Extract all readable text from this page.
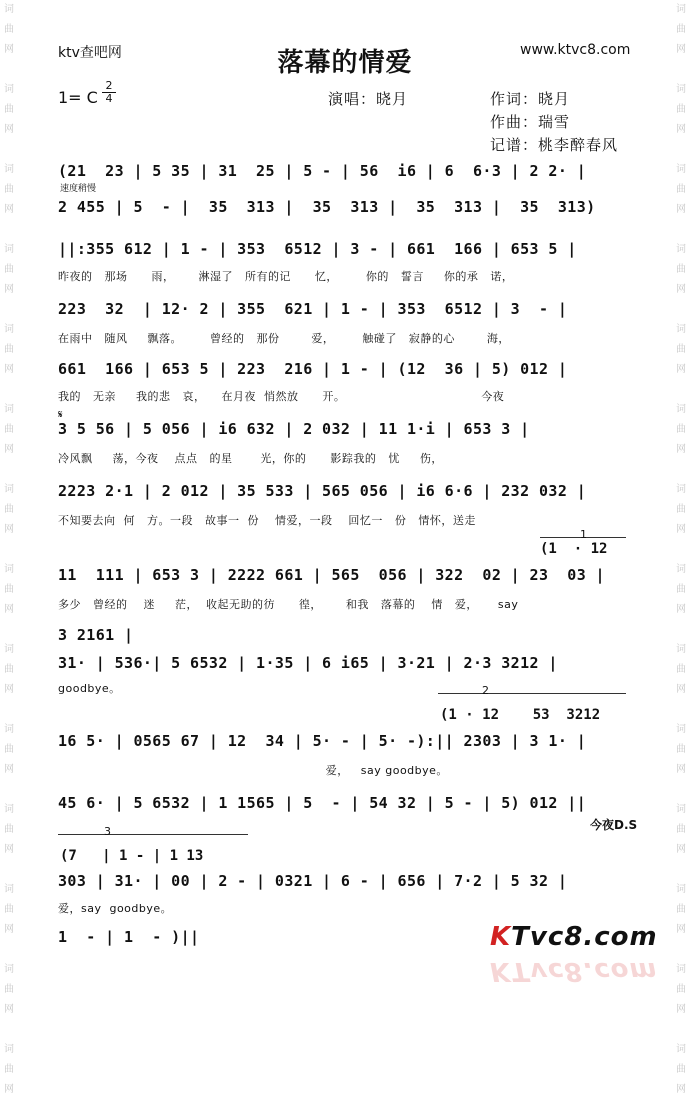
词
曲
网

词
曲
网

词
曲
网

词
曲
网

词
曲
网

词
曲
网

词
曲
网

词
曲
网

词
曲
网

词
曲
网

词
曲
网

词
曲
网

词
曲
网

词
曲
网

词
曲
网

词
曲
网

词
曲
网

词
曲
网

词
曲
网

词
曲
网

词
曲
网

词
曲
网

词
曲
网

词
曲
网

词
曲
网

词
曲
网

词
曲
网

词
曲
网

ktv查吧网	www.ktvc8.com
落幕的情爱
1= C
2
4	演唱：晓月	作词：晓月
作曲：瑞雪
记谱：桃李醉春风
速度稍慢
𝄋
1
(1  · 12
2
(1 · 12    53  3212
3
(7   | 1 - | 1 13
今夜D.S
(21  23 | 5 35 | 31  25 | 5 - | 56  i6 | 6  6·3 | 2 2· |
2 455 | 5  - |  35  313 |  35  313 |  35  313 |  35  313)
||:355 612 | 1 - | 353  6512 | 3 - | 661  166 | 653 5 |
昨夜的   那场      雨，      淋湿了   所有的记      忆，       你的   誓言     你的承   诺，
223  32  | 12· 2 | 355  621 | 1 - | 353  6512 | 3  - |
在雨中   随风     飘落。       曾经的   那份        爱，       触碰了   寂静的心        海，
661  166 | 653 5 | 223  216 | 1 - | (12  36 | 5) 012 |
我的   无亲     我的悲   哀，    在月夜  悄然放      开。                                  今夜
3 5 56 | 5 056 | i6 632 | 2 032 | 11 1·i | 653 3 |
冷风飘     荡，今夜    点点   的星       光，你的      影踪我的   忧     伤，
2223 2·1 | 2 012 | 35 533 | 565 056 | i6 6·6 | 232 032 |
不知要去向  何   方。一段   故事一  份    情爱，一段    回忆一   份   情怀，送走
11  111 | 653 3 | 2222 661 | 565  056 | 322  02 | 23  03 |
多少   曾经的    迷     茫，  收起无助的彷      徨，      和我   落幕的    情   爱，     say
3 2161 |
31· | 536·| 5 6532 | 1·35 | 6 i65 | 3·21 | 2·3 3212 |
goodbye。
16 5· | 0565 67 | 12  34 | 5· - | 5· -):|| 2303 | 3 1· |
爱，   say goodbye。
45 6· | 5 6532 | 1 1565 | 5  - | 54 32 | 5 - | 5) 012 ||
303 | 31· | 00 | 2 - | 0321 | 6 - | 656 | 7·2 | 5 32 |
爱，say  goodbye。
1  - | 1  - )||	KTvc8.com
KTvc8.com
